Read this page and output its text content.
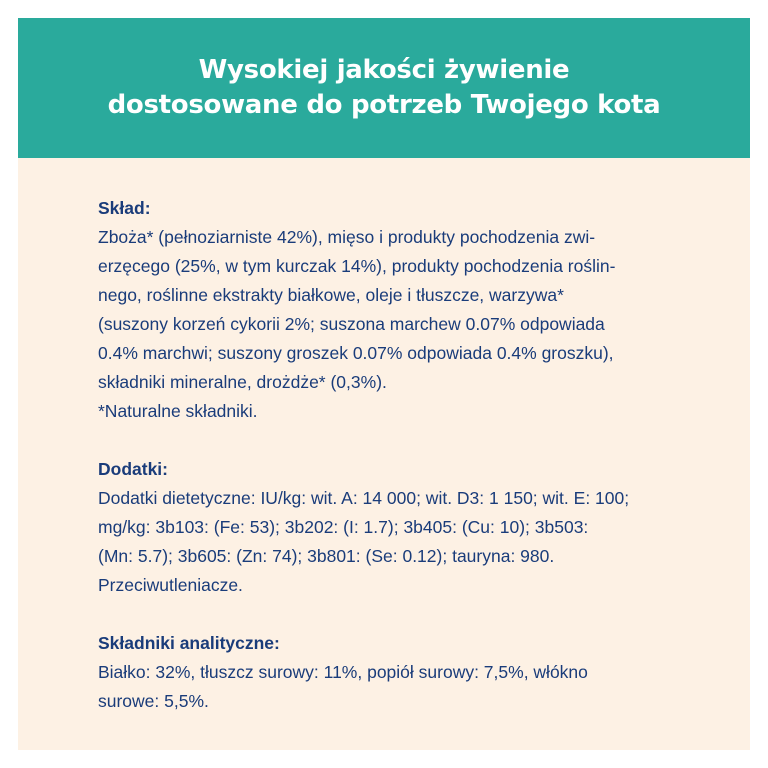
Wysokiej jakości żywienie
dostosowane do potrzeb Twojego kota
Skład:
Zboża* (pełnoziarniste 42%), mięso i produkty pochodzenia zwi-
erzęcego (25%, w tym kurczak 14%), produkty pochodzenia roślin-
nego, roślinne ekstrakty białkowe, oleje i tłuszcze, warzywa*
(suszony korzeń cykorii 2%; suszona marchew 0.07% odpowiada
0.4% marchwi; suszony groszek 0.07% odpowiada 0.4% groszku),
składniki mineralne, drożdże* (0,3%).
*Naturalne składniki.
Dodatki:
Dodatki dietetyczne: IU/kg: wit. A: 14 000; wit. D3: 1 150; wit. E: 100;
mg/kg: 3b103: (Fe: 53); 3b202: (I: 1.7); 3b405: (Cu: 10); 3b503:
(Mn: 5.7); 3b605: (Zn: 74); 3b801: (Se: 0.12); tauryna: 980.
Przeciwutleniacze.
Składniki analityczne:
Białko: 32%, tłuszcz surowy: 11%, popiół surowy: 7,5%, włókno
surowe: 5,5%.
